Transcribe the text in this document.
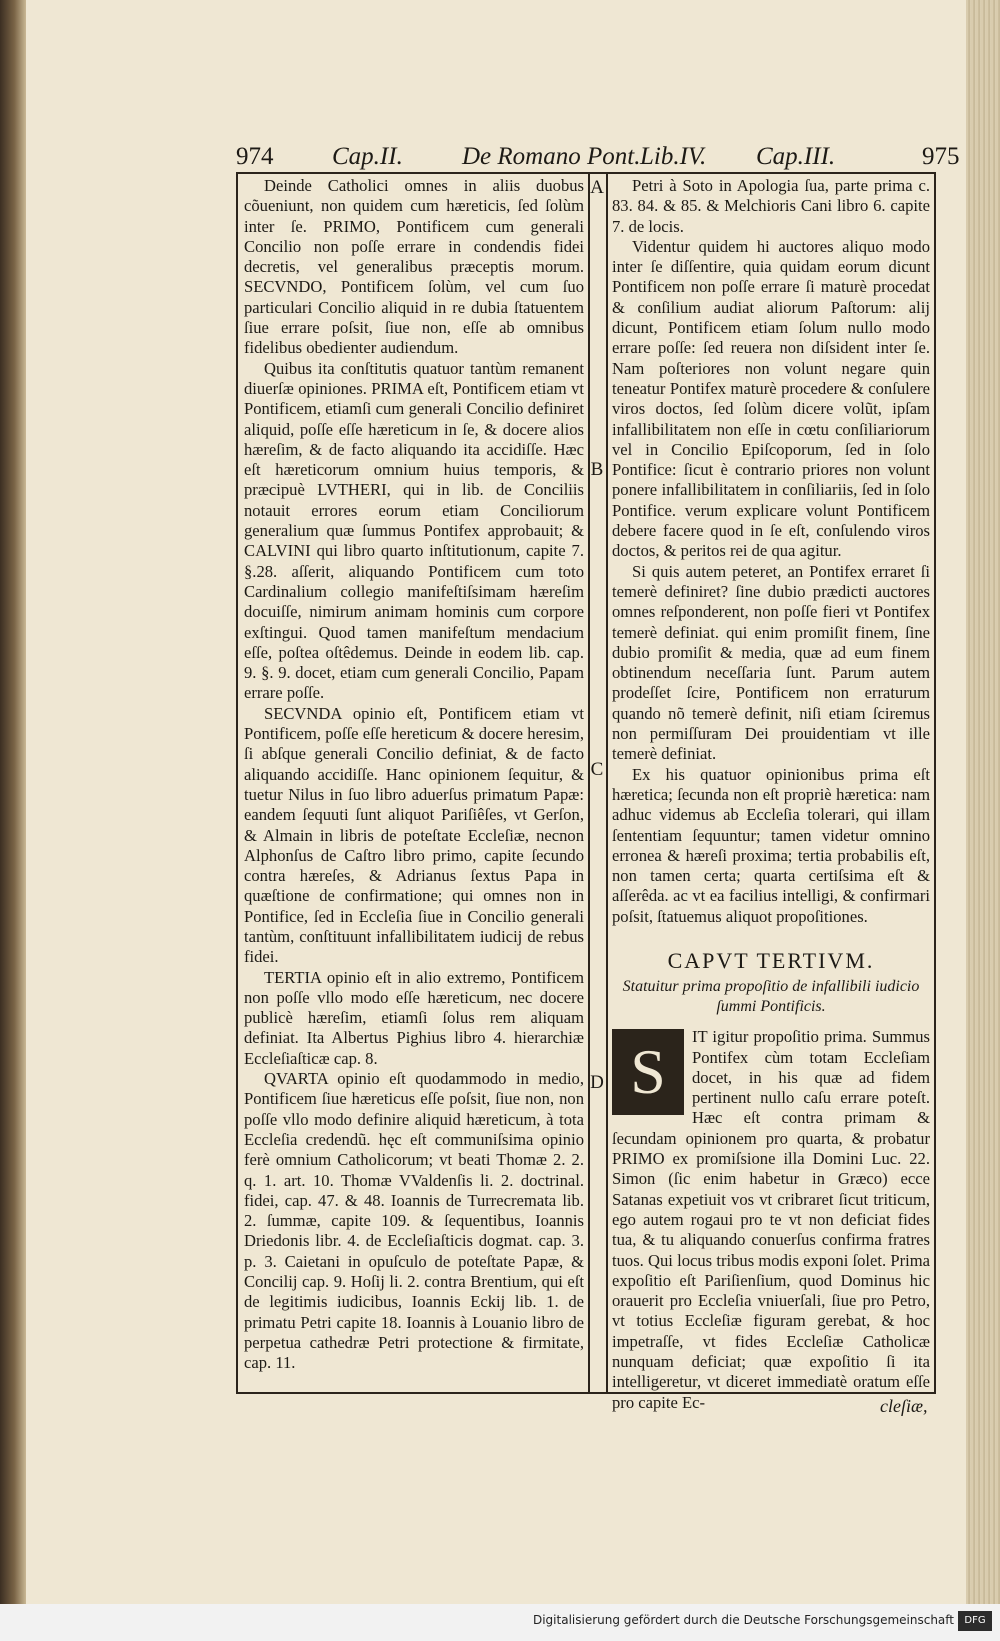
974 Cap.II. De Romano Pont. Lib.IV. Cap.III.	975
A
B
C
D

Deinde Catholici omnes in aliis duobus cõueniunt, non quidem cum hæreticis, ſed ſolùm inter ſe. PRIMO, Pontificem cum generali Concilio non poſſe errare in condendis fidei decretis, vel generalibus præceptis morum. SECVNDO, Pontificem ſolùm, vel cum ſuo particulari Concilio aliquid in re dubia ſtatuentem ſiue errare poſsit, ſiue non, eſſe ab omnibus fidelibus obedienter audiendum.

Quibus ita conſtitutis quatuor tantùm remanent diuerſæ opiniones. PRIMA eſt, Pontificem etiam vt Pontificem, etiamſi cum generali Concilio definiret aliquid, poſſe eſſe hæreticum in ſe, & docere alios hæreſim, & de facto aliquando ita accidiſſe. Hæc eſt hæreticorum omnium huius temporis, & præcipuè LVTHERI, qui in lib. de Conciliis notauit errores eorum etiam Conciliorum generalium quæ ſummus Pontifex approbauit; & CALVINI qui libro quarto inſtitutionum, capite 7. §.28. aſſerit, aliquando Pontificem cum toto Cardinalium collegio manifeſtiſsimam hæreſim docuiſſe, nimirum animam hominis cum corpore exſtingui. Quod tamen manifeſtum mendacium eſſe, poſtea oſtêdemus. Deinde in eodem lib. cap. 9. §. 9. docet, etiam cum generali Concilio, Papam errare poſſe.

SECVNDA opinio eſt, Pontificem etiam vt Pontificem, poſſe eſſe hereticum & docere heresim, ſi abſque generali Concilio definiat, & de facto aliquando accidiſſe. Hanc opinionem ſequitur, & tuetur Nilus in ſuo libro aduerſus primatum Papæ: eandem ſequuti ſunt aliquot Pariſiêſes, vt Gerſon, & Almain in libris de poteſtate Eccleſiæ, necnon Alphonſus de Caſtro libro primo, capite ſecundo contra hæreſes, & Adrianus ſextus Papa in quæſtione de confirmatione; qui omnes non in Pontifice, ſed in Eccleſia ſiue in Concilio generali tantùm, conſtituunt infallibilitatem iudicij de rebus fidei.

TERTIA opinio eſt in alio extremo, Pontificem non poſſe vllo modo eſſe hæreticum, nec docere publicè hæreſim, etiamſi ſolus rem aliquam definiat. Ita Albertus Pighius libro 4. hierarchiæ Eccleſiaſticæ cap. 8.

QVARTA opinio eſt quodammodo in medio, Pontificem ſiue hæreticus eſſe poſsit, ſiue non, non poſſe vllo modo definire aliquid hæreticum, à tota Eccleſia credendũ. hęc eſt communiſsima opinio ferè omnium Catholicorum; vt beati Thomæ 2. 2. q. 1. art. 10. Thomæ VValdenſis li. 2. doctrinal. fidei, cap. 47. & 48. Ioannis de Turrecremata lib. 2. ſummæ, capite 109. & ſequentibus, Ioannis Driedonis libr. 4. de Eccleſiaſticis dogmat. cap. 3. p. 3. Caietani in opuſculo de poteſtate Papæ, & Concilij cap. 9. Hoſij li. 2. contra Brentium, qui eſt de legitimis iudicibus, Ioannis Eckij lib. 1. de primatu Petri capite 18. Ioannis à Louanio libro de perpetua cathedræ Petri protectione & firmitate, cap. 11.

Petri à Soto in Apologia ſua, parte prima c. 83. 84. & 85. & Melchioris Cani libro 6. capite 7. de locis.

Videntur quidem hi auctores aliquo modo inter ſe diſſentire, quia quidam eorum dicunt Pontificem non poſſe errare ſi maturè procedat & conſilium audiat aliorum Paſtorum: alij dicunt, Pontificem etiam ſolum nullo modo errare poſſe: ſed reuera non diſsident inter ſe. Nam poſteriores non volunt negare quin teneatur Pontifex maturè procedere & conſulere viros doctos, ſed ſolùm dicere volũt, ipſam infallibilitatem non eſſe in cœtu conſiliariorum vel in Concilio Epiſcoporum, ſed in ſolo Pontifice: ſicut è contrario priores non volunt ponere infallibilitatem in conſiliariis, ſed in ſolo Pontifice. verum explicare volunt Pontificem debere facere quod in ſe eſt, conſulendo viros doctos, & peritos rei de qua agitur.

Si quis autem peteret, an Pontifex erraret ſi temerè definiret? ſine dubio prædicti auctores omnes reſponderent, non poſſe fieri vt Pontifex temerè definiat. qui enim promiſit finem, ſine dubio promiſit & media, quæ ad eum finem obtinendum neceſſaria ſunt. Parum autem prodeſſet ſcire, Pontificem non erraturum quando nõ temerè definit, niſi etiam ſciremus non permiſſuram Dei prouidentiam vt ille temerè definiat.

Ex his quatuor opinionibus prima eſt hæretica; ſecunda non eſt propriè hæretica: nam adhuc videmus ab Eccleſia tolerari, qui illam ſententiam ſequuntur; tamen videtur omnino erronea & hæreſi proxima; tertia probabilis eſt, non tamen certa; quarta certiſsima eſt & aſſerêda. ac vt ea facilius intelligi, & confirmari poſsit, ſtatuemus aliquot propoſitiones.

CAPVT TERTIVM.
Statuitur prima propoſitio de infallibili iudicio ſummi Pontificis.
S	IT igitur propoſitio prima. Summus Pontifex cùm totam Eccleſiam docet, in his quæ ad fidem pertinent nullo caſu errare poteſt. Hæc eſt contra primam & ſecundam opinionem pro quarta, & probatur PRIMO ex promiſsione illa Domini Luc. 22. Simon (ſic enim habetur in Græco) ecce Satanas expetiuit vos vt cribraret ſicut triticum, ego autem rogaui pro te vt non deficiat fides tua, & tu aliquando conuerſus confirma fratres tuos. Qui locus tribus modis exponi ſolet. Prima expoſitio eſt Pariſienſium, quod Dominus hic orauerit pro Eccleſia vniuerſali, ſiue pro Petro, vt totius Eccleſiæ figuram gerebat, & hoc impetraſſe, vt fides Eccleſiæ Catholicæ nunquam deficiat; quæ expoſitio ſi ita intelligeretur, vt diceret immediatè oratum eſſe pro capite Ec-	cleſiæ,
Digitalisierung gefördert durch die Deutsche Forschungsgemeinschaft	DFG
